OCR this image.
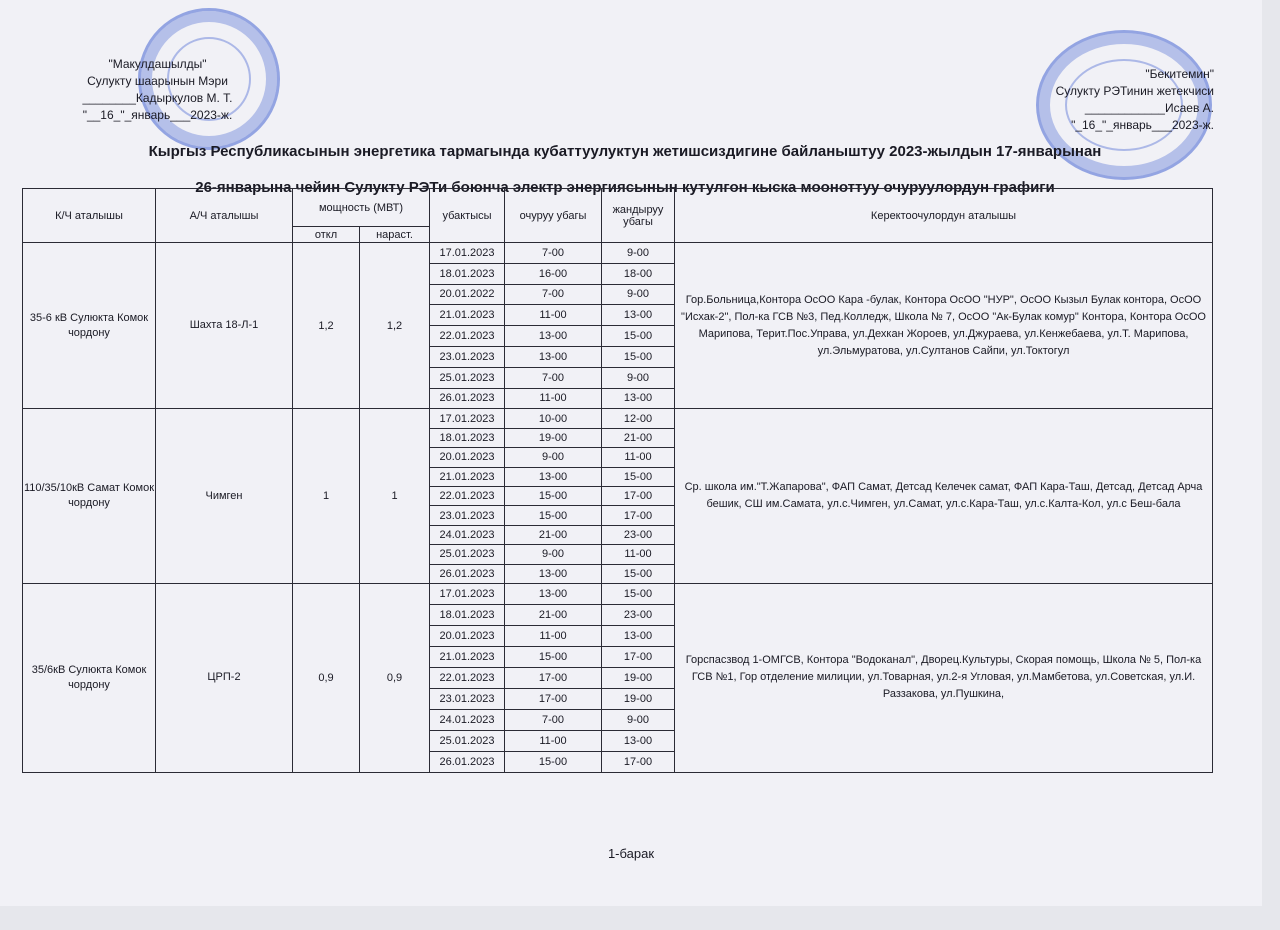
"Макулдашылды"
Сулукту шаарынын Мэри
________Кадыркулов М. Т.
"__16_"_январь___2023-ж.
"Бекитемин"
Сулукту РЭТинин жетекчиси
____________Исаев А.
"_16_"_январь___2023-ж.
Кыргыз Республикасынын энергетика тармагында кубаттуулуктун жетишсиздигине байланыштуу 2023-жылдын 17-январынан
26-январына чейин Сулукту РЭТи боюнча электр энергиясынын кутулгон кыска мооноттуу очуруулордун графиги
К/Ч аталышы	А/Ч аталышы	мощность (МВТ)		убактысы	очуруу убагы	жандыруу убагы	Керектоочулордун аталышы
		откл	нараст.				
35-6 кВ Сулюкта Комок чордону	Шахта 18-Л-1	1,2	1,2	17.01.2023	7-00	9-00	Гор.Больница,Контора ОсОО Кара -булак, Контора ОсОО "НУР", ОсОО Кызыл Булак контора, ОсОО "Исхак-2", Пол-ка ГСВ №3, Пед.Колледж, Школа № 7, ОсОО "Ак-Булак комур" Контора, Контора ОсОО Марипова, Терит.Пос.Управа, ул.Дехкан Жороев, ул.Джураева, ул.Кенжебаева, ул.Т. Марипова, ул.Эльмуратова, ул.Султанов Сайпи, ул.Токтогул
				18.01.2023	16-00	18-00	
				20.01.2022	7-00	9-00	
				21.01.2023	11-00	13-00	
				22.01.2023	13-00	15-00	
				23.01.2023	13-00	15-00	
				25.01.2023	7-00	9-00	
				26.01.2023	11-00	13-00	
110/35/10кВ Самат Комок чордону	Чимген	1	1	17.01.2023	10-00	12-00	Ср. школа им."Т.Жапарова", ФАП Самат, Детсад Келечек самат, ФАП Кара-Таш, Детсад, Детсад Арча бешик, СШ им.Самата, ул.с.Чимген, ул.Самат, ул.с.Кара-Таш, ул.с.Калта-Кол, ул.с Беш-бала
				18.01.2023	19-00	21-00	
				20.01.2023	9-00	11-00	
				21.01.2023	13-00	15-00	
				22.01.2023	15-00	17-00	
				23.01.2023	15-00	17-00	
				24.01.2023	21-00	23-00	
				25.01.2023	9-00	11-00	
				26.01.2023	13-00	15-00	
35/6кВ Сулюкта Комок чордону	ЦРП-2	0,9	0,9	17.01.2023	13-00	15-00	Горспасзвод 1-ОМГСВ, Контора "Водоканал", Дворец.Культуры, Скорая помощь, Школа № 5, Пол-ка ГСВ №1, Гор отделение милиции, ул.Товарная, ул.2-я Угловая, ул.Мамбетова, ул.Советская, ул.И. Раззакова, ул.Пушкина,
				18.01.2023	21-00	23-00	
				20.01.2023	11-00	13-00	
				21.01.2023	15-00	17-00	
				22.01.2023	17-00	19-00	
				23.01.2023	17-00	19-00	
				24.01.2023	7-00	9-00	
				25.01.2023	11-00	13-00	
				26.01.2023	15-00	17-00	
1-барак
